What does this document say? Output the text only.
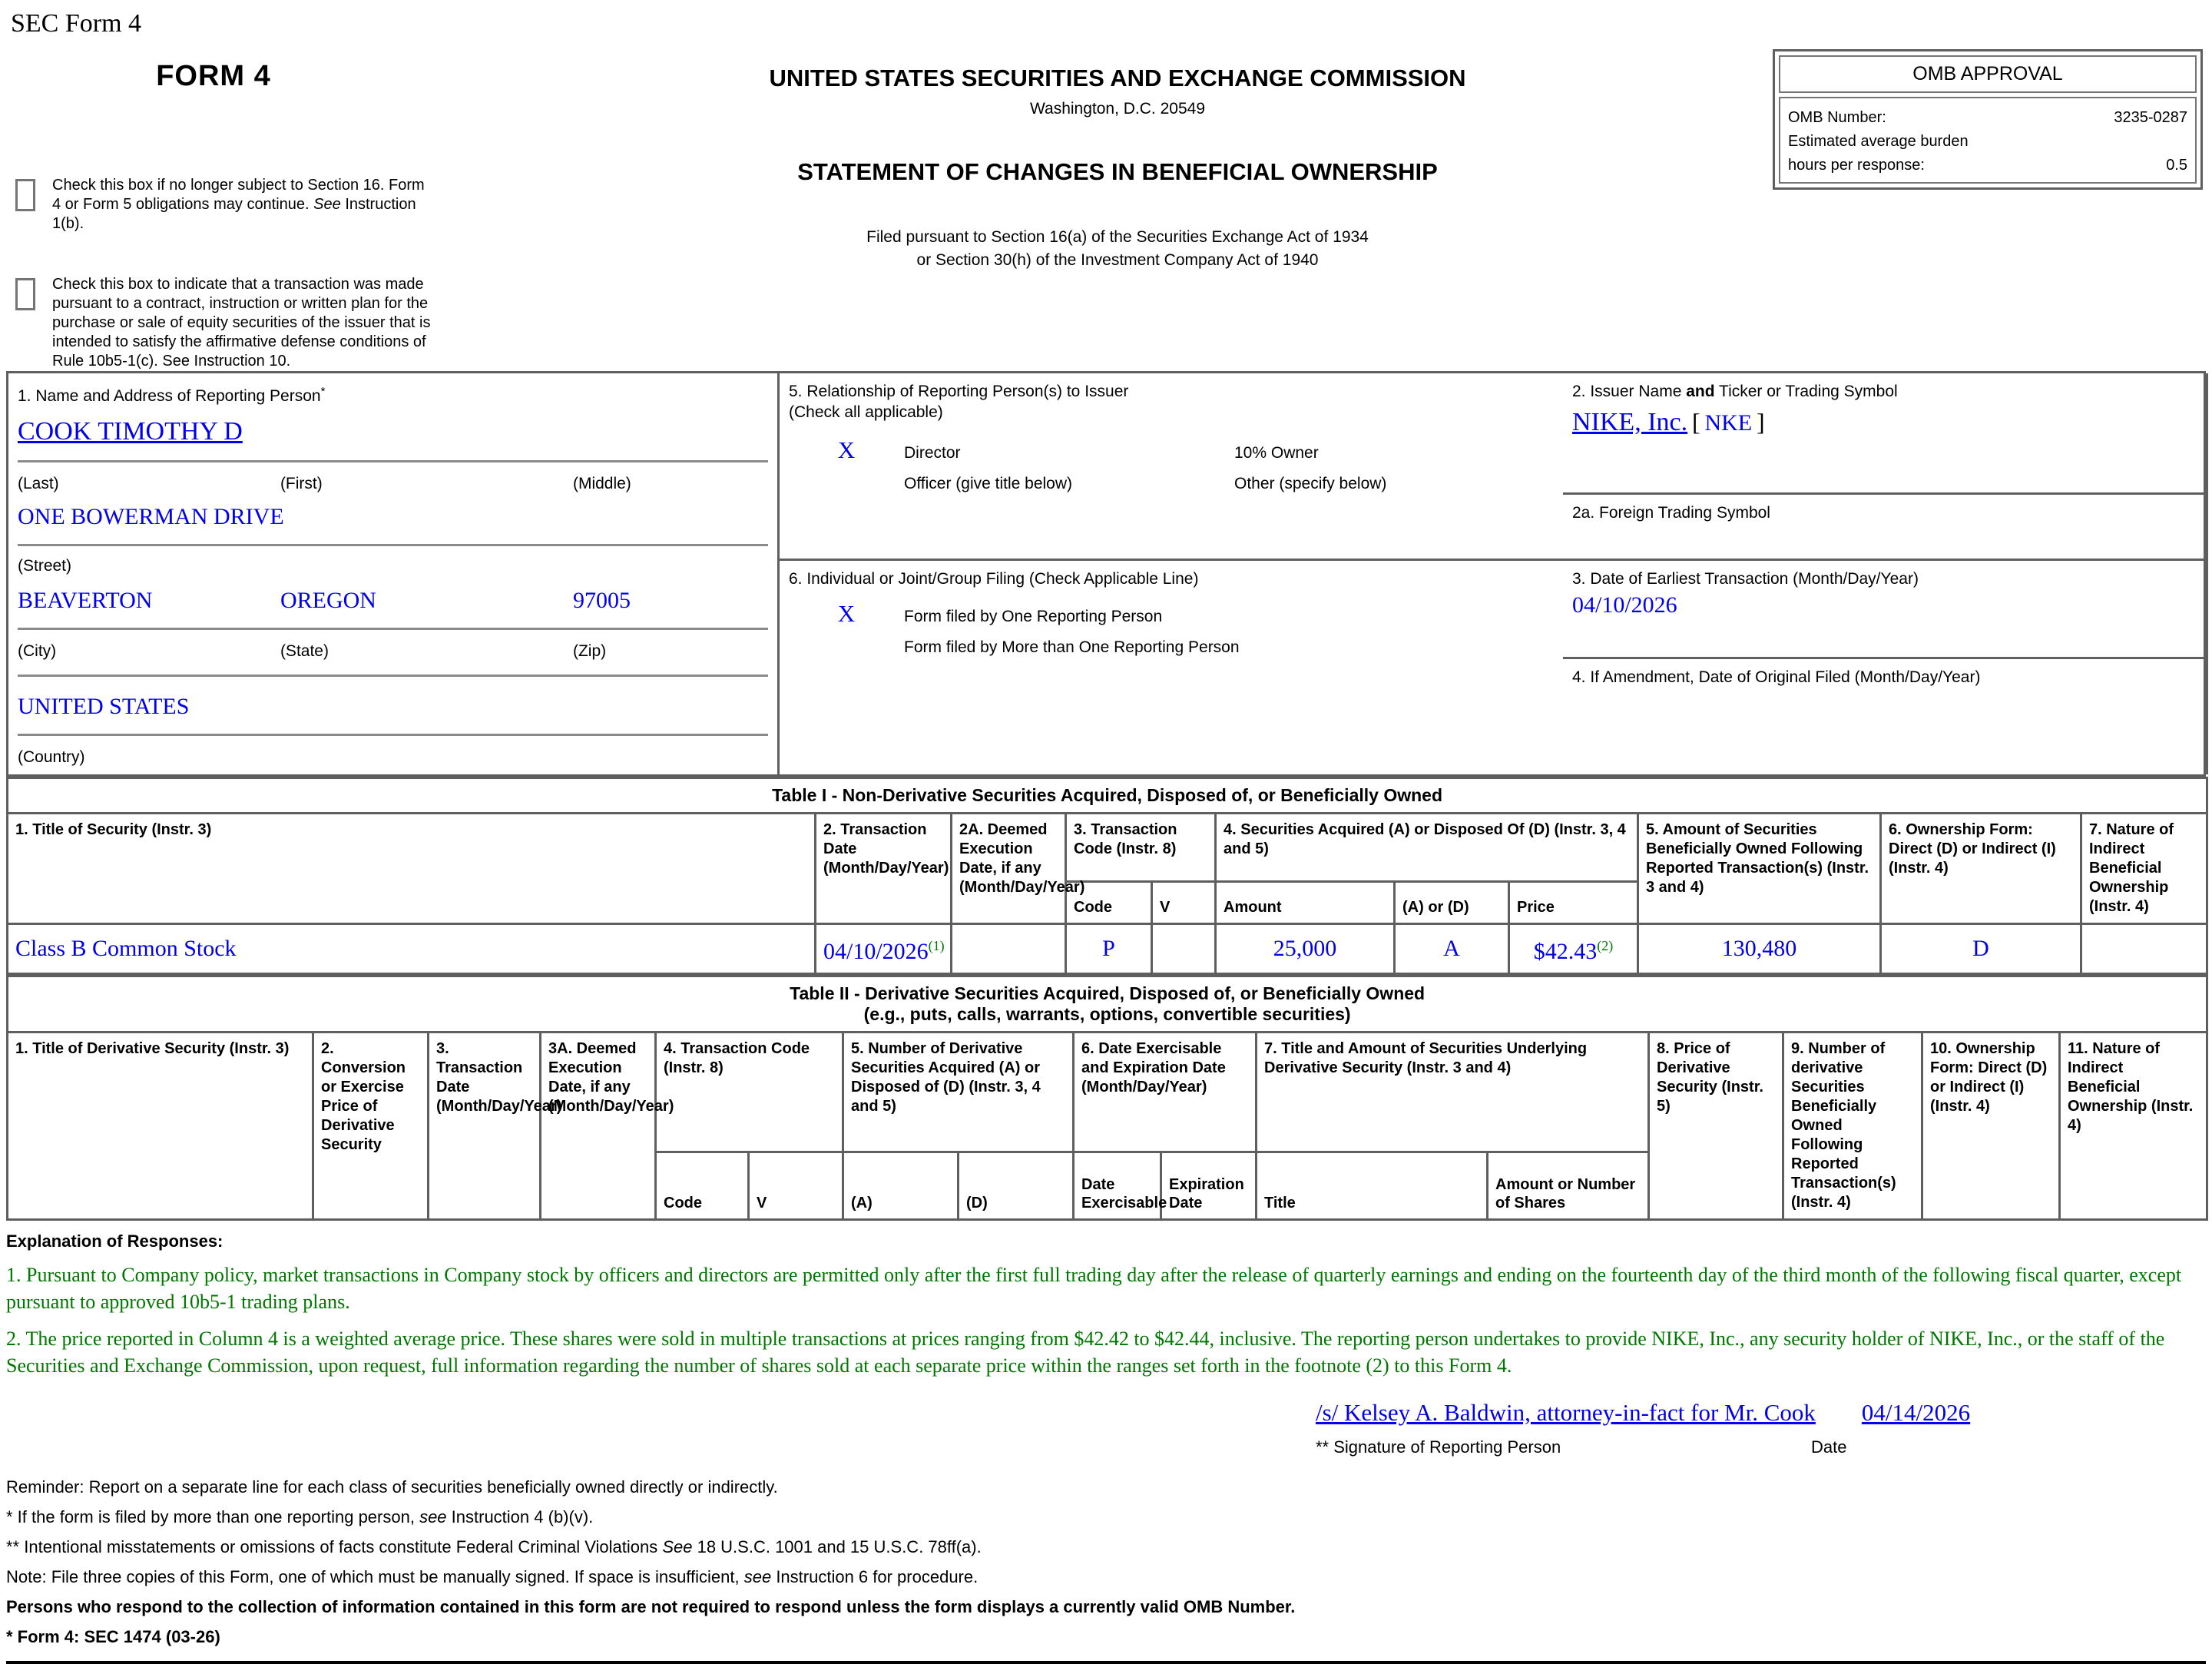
SEC Form 4
FORM 4
Check this box if no longer subject to Section 16. Form 4 or Form 5 obligations may continue. See Instruction 1(b).
Check this box to indicate that a transaction was made pursuant to a contract, instruction or written plan for the purchase or sale of equity securities of the issuer that is intended to satisfy the affirmative defense conditions of Rule 10b5-1(c). See Instruction 10.
UNITED STATES SECURITIES AND EXCHANGE COMMISSION
Washington, D.C. 20549
STATEMENT OF CHANGES IN BENEFICIAL OWNERSHIP
Filed pursuant to Section 16(a) of the Securities Exchange Act of 1934
or Section 30(h) of the Investment Company Act of 1940
OMB APPROVAL
OMB Number:	3235-0287
Estimated average burden
hours per response:	0.5
1. Name and Address of Reporting Person*
COOK TIMOTHY D
(Last)	(First)	(Middle)
ONE BOWERMAN DRIVE
(Street)
BEAVERTON	OREGON	97005
(City)	(State)	(Zip)
UNITED STATES
(Country)
2. Issuer Name and Ticker or Trading Symbol
NIKE, Inc. [ NKE ]
5. Relationship of Reporting Person(s) to Issuer
(Check all applicable)
X	Director	10% Owner
Officer (give title below)	Other (specify below)
2a. Foreign Trading Symbol
3. Date of Earliest Transaction (Month/Day/Year)
04/10/2026
6. Individual or Joint/Group Filing (Check Applicable Line)
X	Form filed by One Reporting Person
Form filed by More than One Reporting Person
4. If Amendment, Date of Original Filed (Month/Day/Year)
Table I - Non-Derivative Securities Acquired, Disposed of, or Beneficially Owned										
1. Title of Security (Instr. 3)	2. Transaction Date (Month/Day/Year)	2A. Deemed Execution Date, if any (Month/Day/Year)	3. Transaction Code (Instr. 8)		4. Securities Acquired (A) or Disposed Of (D) (Instr. 3, 4 and 5)			5. Amount of Securities Beneficially Owned Following Reported Transaction(s) (Instr. 3 and 4)	6. Ownership Form: Direct (D) or Indirect (I) (Instr. 4)	7. Nature of Indirect Beneficial Ownership (Instr. 4)
			Code	V	Amount	(A) or (D)	Price			
Class B Common Stock	04/10/2026$^{(1)}$		P		25,000	A	$42.43$^{(2)}$	130,480	D	
Table II - Derivative Securities Acquired, Disposed of, or Beneficially Owned
(e.g., puts, calls, warrants, options, convertible securities)															

1. Title of Derivative Security (Instr. 3)	2. Conversion or Exercise Price of Derivative Security	3. Transaction Date (Month/Day/Year)	3A. Deemed Execution Date, if any (Month/Day/Year)	4. Transaction Code (Instr. 8)		5. Number of Derivative Securities Acquired (A) or Disposed of (D) (Instr. 3, 4 and 5)		6. Date Exercisable and Expiration Date (Month/Day/Year)		7. Title and Amount of Securities Underlying Derivative Security (Instr. 3 and 4)		8. Price of Derivative Security (Instr. 5)	9. Number of derivative Securities Beneficially Owned Following Reported Transaction(s) (Instr. 4)	10. Ownership Form: Direct (D) or Indirect (I) (Instr. 4)	11. Nature of Indirect Beneficial Ownership (Instr. 4)
				Code	V	(A)	(D)	Date Exercisable	Expiration Date	Title	Amount or Number of Shares				
Explanation of Responses:
1. Pursuant to Company policy, market transactions in Company stock by officers and directors are permitted only after the first full trading day after the release of quarterly earnings and ending on the fourteenth day of the third month of the following fiscal quarter, except pursuant to approved 10b5-1 trading plans.
2. The price reported in Column 4 is a weighted average price. These shares were sold in multiple transactions at prices ranging from $42.42 to $42.44, inclusive. The reporting person undertakes to provide NIKE, Inc., any security holder of NIKE, Inc., or the staff of the Securities and Exchange Commission, upon request, full information regarding the number of shares sold at each separate price within the ranges set forth in the footnote (2) to this Form 4.
/s/ Kelsey A. Baldwin, attorney-in-fact for Mr. Cook 04/14/2026
** Signature of Reporting Person	Date
Reminder: Report on a separate line for each class of securities beneficially owned directly or indirectly.
* If the form is filed by more than one reporting person, see Instruction 4 (b)(v).
** Intentional misstatements or omissions of facts constitute Federal Criminal Violations See 18 U.S.C. 1001 and 15 U.S.C. 78ff(a).
Note: File three copies of this Form, one of which must be manually signed. If space is insufficient, see Instruction 6 for procedure.
Persons who respond to the collection of information contained in this form are not required to respond unless the form displays a currently valid OMB Number.
* Form 4: SEC 1474 (03-26)
